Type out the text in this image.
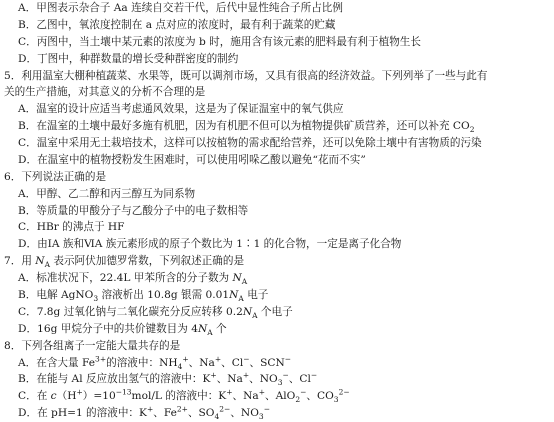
A．甲图表示杂合子 Aa 连续自交若干代，后代中显性纯合子所占比例
B．乙图中，氧浓度控制在 a 点对应的浓度时，最有利于蔬菜的贮藏
C．丙图中，当土壤中某元素的浓度为 b 时，施用含有该元素的肥料最有利于植物生长
D．丁图中，种群数量的增长受种群密度的制约
5．利用温室大棚种植蔬菜、水果等，既可以调剂市场，又具有很高的经济效益。下列列举了一些与此有
关的生产措施，对其意义的分析不合理的是
A．温室的设计应适当考虑通风效果，这是为了保证温室中的氧气供应
B．在温室的土壤中最好多施有机肥，因为有机肥不但可以为植物提供矿质营养，还可以补充 $CO_2$
C．温室中采用无土栽培技术，这样可以按植物的需求配给营养，还可以免除土壤中有害物质的污染
D．在温室中的植物授粉发生困难时，可以使用吲哚乙酸以避免“花而不实”
6．下列说法正确的是
A．甲醇、乙二醇和丙三醇互为同系物
B．等质量的甲酸分子与乙酸分子中的电子数相等
C．HBr 的沸点于 HF
D．由ⅠA 族和ⅥA 族元素形成的原子个数比为 1∶1 的化合物，一定是离子化合物
7．用 $N_A$ 表示阿伏加德罗常数，下列叙述正确的是
A．标准状况下，22.4L 甲苯所含的分子数为 $N_A$
B．电解 AgNO$_3$ 溶液析出 10.8g 银需 $0.01N_A$ 电子
C．7.8g 过氧化钠与二氧化碳充分反应转移 $0.2N_A$ 个电子
D．16g 甲烷分子中的共价键数目为 $4N_A$ 个
8．下列各组离子一定能大量共存的是
A．在含大量 $Fe^{3+}$的溶液中：$NH_4^+$、Na+、Cl−、SCN−
B．在能与 Al 反应放出氢气的溶液中：K+、Na+、$NO_3^-$、Cl−
C．在 $c(H^+)=10^{-13}mol/L$ 的溶液中：K+、Na+、AlO$_2$−、$CO_3^{2-}$
D．在 pH=1 的溶液中：K+、$Fe^{2+}$、$SO_4^{2-}$、$NO_3^-$
